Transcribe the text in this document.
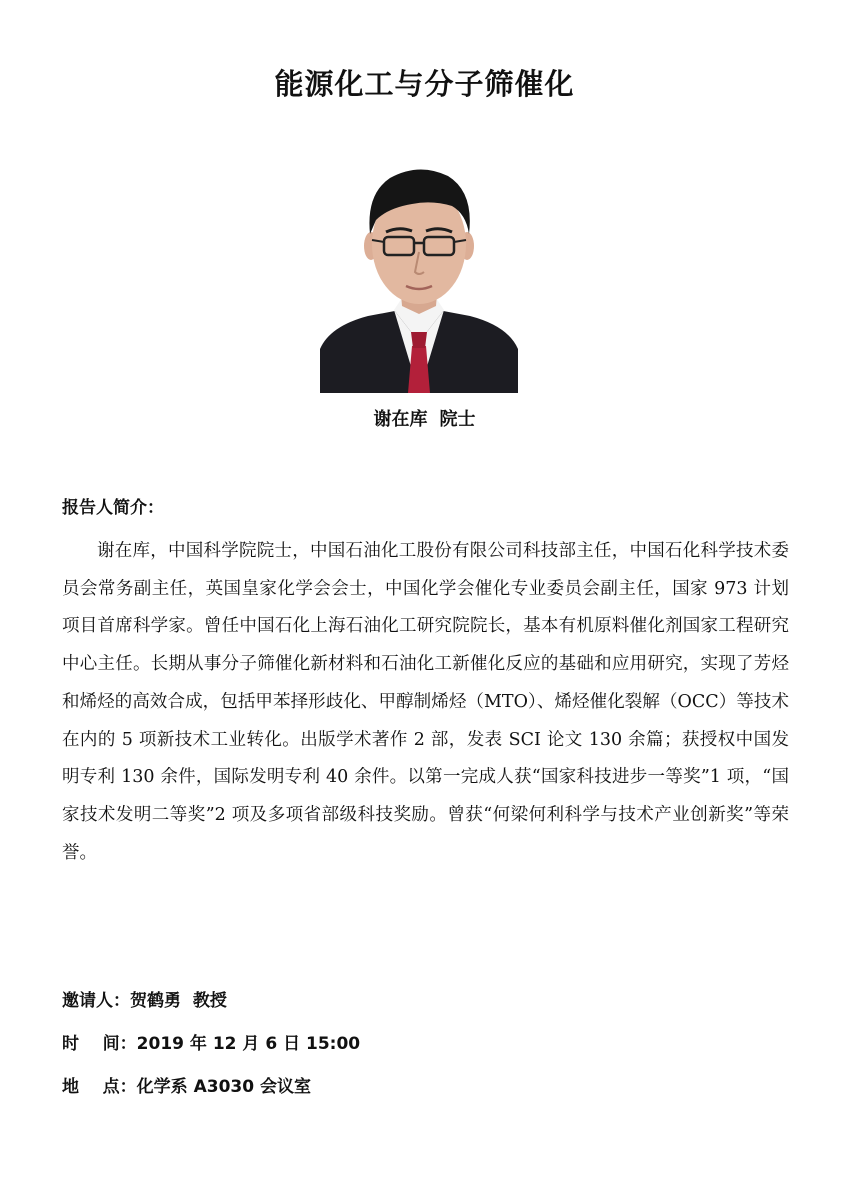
能源化工与分子筛催化
谢在库 院士
报告人简介：

谢在库，中国科学院院士，中国石油化工股份有限公司科技部主任，中国石化科学技术委员会常务副主任，英国皇家化学会会士，中国化学会催化专业委员会副主任，国家 973 计划项目首席科学家。曾任中国石化上海石油化工研究院院长，基本有机原料催化剂国家工程研究中心主任。长期从事分子筛催化新材料和石油化工新催化反应的基础和应用研究，实现了芳烃和烯烃的高效合成，包括甲苯择形歧化、甲醇制烯烃（MTO）、烯烃催化裂解（OCC）等技术在内的 5 项新技术工业转化。出版学术著作 2 部，发表 SCI 论文 130 余篇；获授权中国发明专利 130 余件，国际发明专利 40 余件。以第一完成人获“国家科技进步一等奖”1 项，“国家技术发明二等奖”2 项及多项省部级科技奖励。曾获“何梁何利科学与技术产业创新奖”等荣誉。

邀请人：贺鹤勇  教授
时    间：2019 年 12 月 6 日 15:00
地    点：化学系 A3030 会议室
